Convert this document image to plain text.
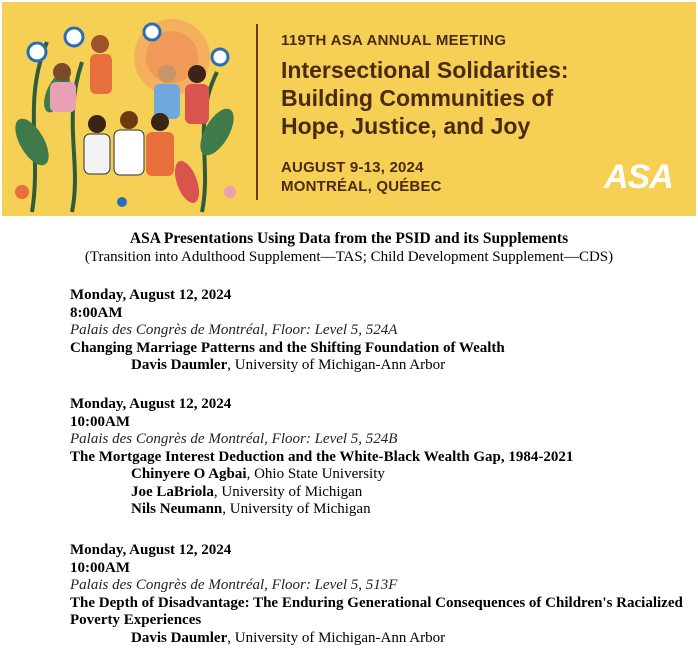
119TH ASA ANNUAL MEETING
Intersectional Solidarities:
Building Communities of
Hope, Justice, and Joy
AUGUST 9-13, 2024
MONTRÉAL, QUÉBEC	ASA
ASA Presentations Using Data from the PSID and its Supplements
(Transition into Adulthood Supplement—TAS; Child Development Supplement—CDS)
Monday, August 12, 2024
8:00AM
Palais des Congrès de Montréal, Floor: Level 5, 524A
Changing Marriage Patterns and the Shifting Foundation of Wealth
Davis Daumler, University of Michigan-Ann Arbor
Monday, August 12, 2024
10:00AM
Palais des Congrès de Montréal, Floor: Level 5, 524B
The Mortgage Interest Deduction and the White-Black Wealth Gap, 1984-2021
Chinyere O Agbai, Ohio State University
Joe LaBriola, University of Michigan
Nils Neumann, University of Michigan
Monday, August 12, 2024
10:00AM
Palais des Congrès de Montréal, Floor: Level 5, 513F
The Depth of Disadvantage: The Enduring Generational Consequences of Children's Racialized Poverty Experiences
Davis Daumler, University of Michigan-Ann Arbor
